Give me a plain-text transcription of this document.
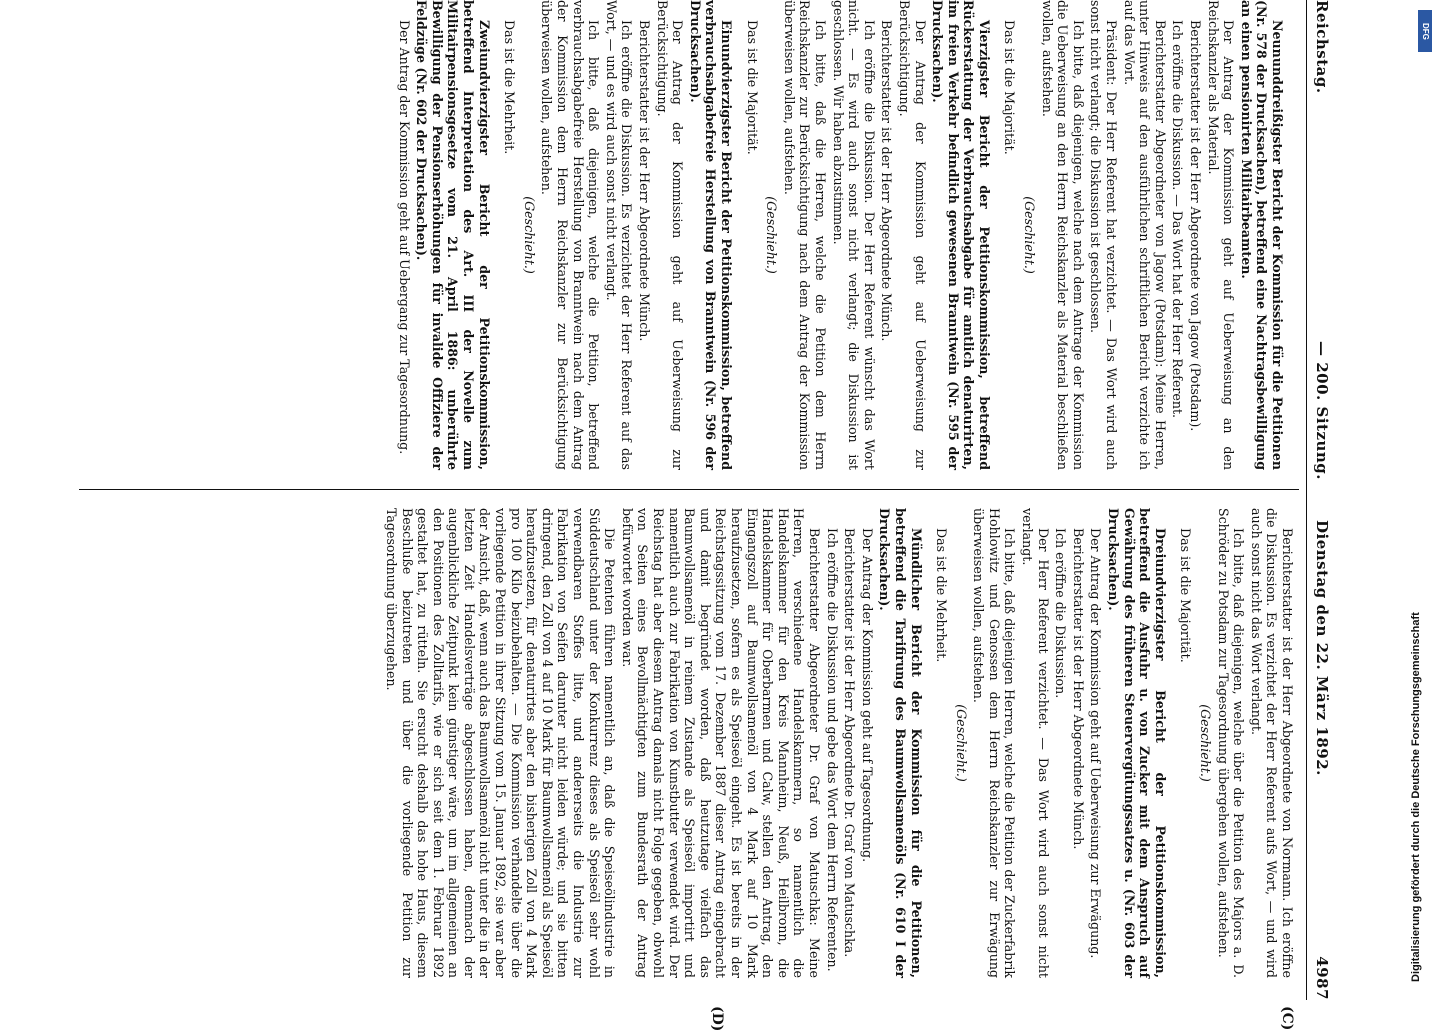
Reichstag.
— 200. Sitzung.
Dienstag den 22. März 1892.
4987
(C)
(D)

Neununddreißigster Bericht der Kommission für die Petitionen (Nr. 578 der Drucksachen), betreffend eine Nachtragsbewilligung an einen pensionirten Militairbeamten.

Der Antrag der Kommission geht auf Ueberweisung an den Reichskanzler als Material.

Berichterstatter ist der Herr Abgeordnete von Jagow (Potsdam).

Ich eröffne die Diskussion. — Das Wort hat der Herr Referent.

Berichterstatter Abgeordneter von Jagow (Potsdam): Meine Herren, unter Hinweis auf den ausführlichen schriftlichen Bericht verzichte ich auf das Wort.

Präsident: Der Herr Referent hat verzichtet. — Das Wort wird auch sonst nicht verlangt; die Diskussion ist geschlossen.

Ich bitte, daß diejenigen, welche nach dem Antrage der Kommission die Ueberweisung an den Herrn Reichskanzler als Material beschließen wollen, aufstehen.

(Geschieht.)

Das ist die Majorität.

Vierzigster Bericht der Petitionskommission, betreffend Rückerstattung der Verbrauchsabgabe für amtlich denaturirten, im freien Verkehr befindlich gewesenen Branntwein (Nr. 595 der Drucksachen).

Der Antrag der Kommission geht auf Ueberweisung zur Berücksichtigung.

Berichterstatter ist der Herr Abgeordnete Münch.

Ich eröffne die Diskussion. Der Herr Referent wünscht das Wort nicht. — Es wird auch sonst nicht verlangt; die Diskussion ist geschlossen. Wir haben abzustimmen.

Ich bitte, daß die Herren, welche die Petition dem Herrn Reichskanzler zur Berücksichtigung nach dem Antrag der Kommission überweisen wollen, aufstehen.

(Geschieht.)

Das ist die Majorität.

Einundvierzigster Bericht der Petitionskommission, betreffend verbrauchsabgabefreie Herstellung von Branntwein (Nr. 596 der Drucksachen).

Der Antrag der Kommission geht auf Ueberweisung zur Berücksichtigung.

Berichterstatter ist der Herr Abgeordnete Münch.

Ich eröffne die Diskussion. Es verzichtet der Herr Referent auf das Wort, — und es wird auch sonst nicht verlangt.

Ich bitte, daß diejenigen, welche die Petition, betreffend verbrauchsabgabefreie Herstellung von Branntwein nach dem Antrag der Kommission dem Herrn Reichskanzler zur Berücksichtigung überweisen wollen, aufstehen.

(Geschieht.)

Das ist die Mehrheit.

Zweiundvierzigster Bericht der Petitionskommission, betreffend Interpretation des Art. III der Novelle zum Militairpensionsgesetze vom 21. April 1886: unberührte Bewilligung der Pensionserhöhungen für invalide Offiziere der Feldzüge (Nr. 602 der Drucksachen).

Der Antrag der Kommission geht auf Uebergang zur Tagesordnung.

Berichterstatter ist der Herr Abgeordnete von Normann. Ich eröffne die Diskussion. Es verzichtet der Herr Referent aufs Wort, — und wird auch sonst nicht das Wort verlangt.

Ich bitte, daß diejenigen, welche über die Petition des Majors a. D. Schröder zu Potsdam zur Tagesordnung übergehen wollen, aufstehen.

(Geschieht.)

Das ist die Majorität.

Dreiundvierzigster Bericht der Petitionskommission, betreffend die Ausfuhr u. von Zucker mit dem Anspruch auf Gewährung des früheren Steuervergütungssatzes u. (Nr. 603 der Drucksachen).

Der Antrag der Kommission geht auf Ueberweisung zur Erwägung.

Berichterstatter ist der Herr Abgeordnete Münch.

Ich eröffne die Diskussion.

Der Herr Referent verzichtet. — Das Wort wird auch sonst nicht verlangt.

Ich bitte, daß diejenigen Herren, welche die Petition der Zuckerfabrik Hohlowitz und Genossen dem Herrn Reichskanzler zur Erwägung überweisen wollen, aufstehen.

(Geschieht.)

Das ist die Mehrheit.

Mündlicher Bericht der Kommission für die Petitionen, betreffend die Tarifirung des Baumwollsamenöls (Nr. 610 I der Drucksachen).

Der Antrag der Kommission geht auf Tagesordnung.

Berichterstatter ist der Herr Abgeordnete Dr. Graf von Matuschka.

Ich eröffne die Diskussion und gebe das Wort dem Herrn Referenten.

Berichterstatter Abgeordneter Dr. Graf von Matuschka: Meine Herren, verschiedene Handelskammern, so namentlich die Handelskammer für den Kreis Mannheim, Neuß, Heilbronn, die Handelskammer für Oberbarmen und Calw, stellen den Antrag, den Eingangszoll auf Baumwollsamenöl von 4 Mark auf 10 Mark heraufzusetzen, sofern es als Speiseöl eingeht. Es ist bereits in der Reichstagssitzung vom 17. Dezember 1887 dieser Antrag eingebracht und damit begründet worden, daß heutzutage vielfach das Baumwollsamenöl in reinem Zustande als Speiseöl importirt und namentlich auch zur Fabrikation von Kunstbutter verwendet wird. Der Reichstag hat aber diesem Antrag damals nicht Folge gegeben, obwohl von Seiten eines Bevollmächtigten zum Bundesrath der Antrag befürwortet worden war.

Die Petenten führen namentlich an, daß die Speiseölindustrie in Süddeutschland unter der Konkurrenz dieses als Speiseöl sehr wohl verwendbaren Stoffes litte, und andererseits die Industrie zur Fabrikation von Seifen darunter nicht leiden würde; und sie bitten dringend, den Zoll von 4 auf 10 Mark für Baumwollsamenöl als Speiseöl heraufzusetzen, für denaturirtes aber den bisherigen Zoll von 4 Mark pro 100 Kilo beizubehalten. — Die Kommission verhandelte über die vorliegende Petition in ihrer Sitzung vom 15. Januar 1892, sie war aber der Ansicht, daß, wenn auch das Baumwollsamenöl nicht unter die in der letzten Zeit Handelsverträge abgeschlossen haben, demnach der augenblickliche Zeitpunkt kein günstiger wäre, um im allgemeinen an den Positionen des Zolltarifs, wie er sich seit dem 1. Februar 1892 gestaltet hat, zu rütteln. Sie ersucht deshalb das hohe Haus, diesem Beschluße beizutreten und über die vorliegende Petition zur Tagesordnung überzugehen.

Digitalisierung gefördert durch die Deutsche Forschungsgemeinschaft
DFG
